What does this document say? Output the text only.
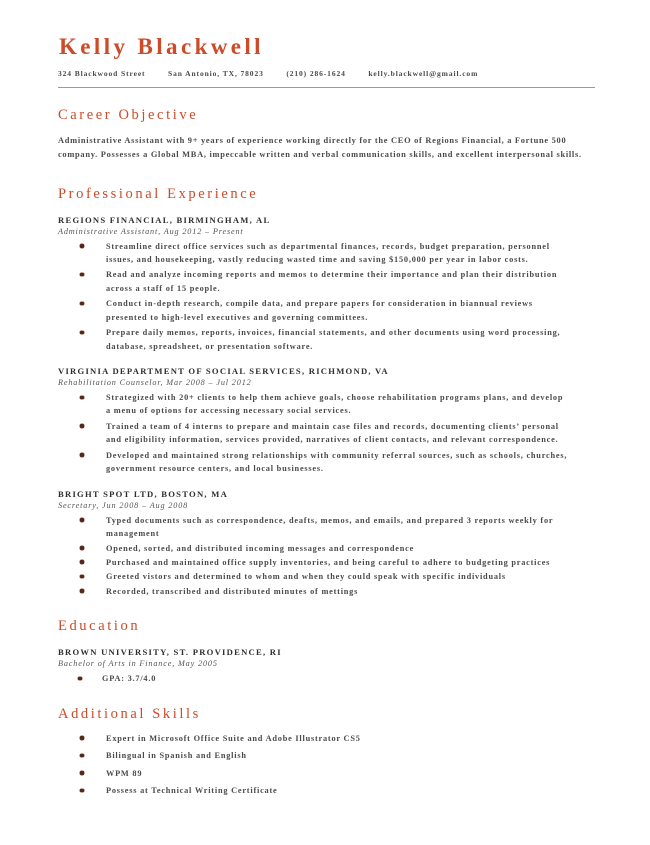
Kelly Blackwell
324 Blackwood Street	San Antonio, TX, 78023	(210) 286-1624	kelly.blackwell@gmail.com
Career Objective

Administrative Assistant with 9+ years of experience working directly for the CEO of Regions Financial, a Fortune 500 company. Possesses a Global MBA, impeccable written and verbal communication skills, and excellent interpersonal skills.

Professional Experience
REGIONS FINANCIAL, BIRMINGHAM, AL
Administrative Assistant, Aug 2012 – Present
Streamline direct office services such as departmental finances, records, budget preparation, personnel issues, and housekeeping, vastly reducing wasted time and saving $150,000 per year in labor costs.
Read and analyze incoming reports and memos to determine their importance and plan their distribution across a staff of 15 people.
Conduct in-depth research, compile data, and prepare papers for consideration in biannual reviews presented to high-level executives and governing committees.
Prepare daily memos, reports, invoices, financial statements, and other documents using word processing, database, spreadsheet, or presentation software.
VIRGINIA DEPARTMENT OF SOCIAL SERVICES, RICHMOND, VA
Rehabilitation Counselor, Mar 2008 – Jul 2012
Strategized with 20+ clients to help them achieve goals, choose rehabilitation programs plans, and develop a menu of options for accessing necessary social services.
Trained a team of 4 interns to prepare and maintain case files and records, documenting clients’ personal and eligibility information, services provided, narratives of client contacts, and relevant correspondence.
Developed and maintained strong relationships with community referral sources, such as schools, churches, government resource centers, and local businesses.
BRIGHT SPOT LTD, BOSTON, MA
Secretary, Jun 2008 – Aug 2008
Typed documents such as correspondence, deafts, memos, and emails, and prepared 3 reports weekly for management
Opened, sorted, and distributed incoming messages and correspondence
Purchased and maintained office supply inventories, and being careful to adhere to budgeting practices
Greeted vistors and determined to whom and when they could speak with specific individuals
Recorded, transcribed and distributed minutes of mettings
Education
BROWN UNIVERSITY, ST. PROVIDENCE, RI
Bachelor of Arts in Finance, May 2005
GPA: 3.7/4.0
Additional Skills
Expert in Microsoft Office Suite and Adobe Illustrator CS5
Bilingual in Spanish and English
WPM 89
Possess at Technical Writing Certificate
